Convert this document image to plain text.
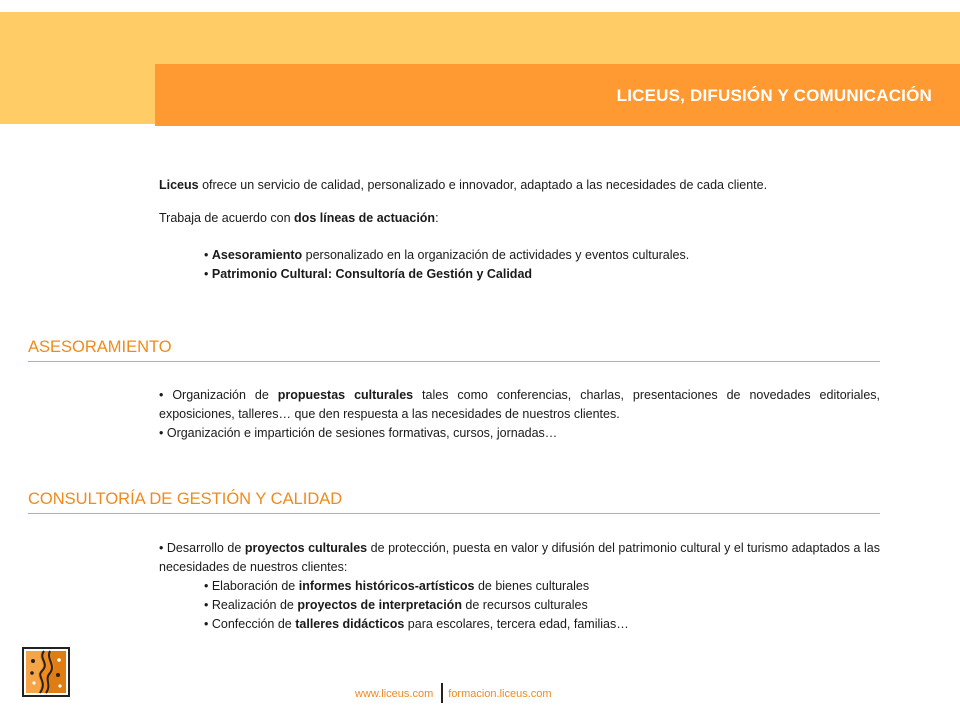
LICEUS, DIFUSIÓN Y COMUNICACIÓN

Liceus ofrece un servicio de calidad, personalizado e innovador, adaptado a las necesidades de cada cliente.

Trabaja de acuerdo con dos líneas de actuación:

• Asesoramiento personalizado en la organización de actividades y eventos culturales.
• Patrimonio Cultural: Consultoría de Gestión y Calidad
ASESORAMIENTO

• Organización de propuestas culturales tales como conferencias, charlas, presentaciones de novedades editoriales, exposiciones, talleres… que den respuesta a las necesidades de nuestros clientes.

• Organización e impartición de sesiones formativas, cursos, jornadas…

CONSULTORÍA DE GESTIÓN Y CALIDAD

• Desarrollo de proyectos culturales de protección, puesta en valor y difusión del patrimonio cultural y el turismo adaptados a las necesidades de nuestros clientes:

• Elaboración de informes históricos-artísticos de bienes culturales

• Realización de proyectos de interpretación de recursos culturales

• Confección de talleres didácticos para escolares, tercera edad, familias…

www.liceus.com formacion.liceus.com
